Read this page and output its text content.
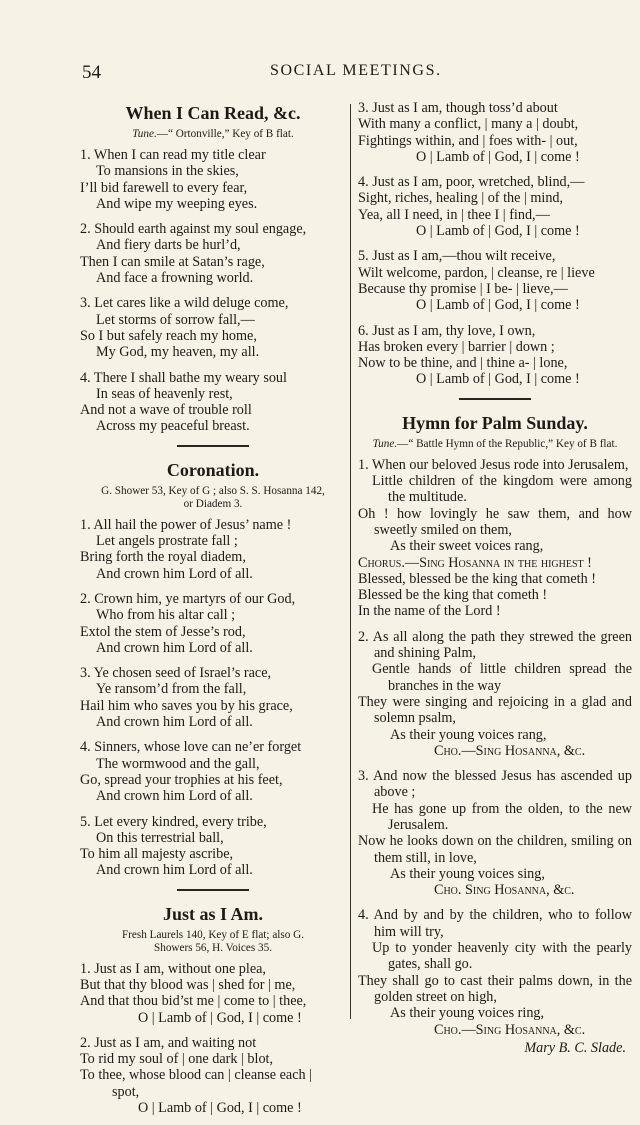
54	SOCIAL MEETINGS.
When I Can Read, &c.
Tune.—“ Ortonville,” Key of B flat.
1. When I can read my title clear
To mansions in the skies,
I’ll bid farewell to every fear,
And wipe my weeping eyes.
2. Should earth against my soul engage,
And fiery darts be hurl’d,
Then I can smile at Satan’s rage,
And face a frowning world.
3. Let cares like a wild deluge come,
Let storms of sorrow fall,—
So I but safely reach my home,
My God, my heaven, my all.
4. There I shall bathe my weary soul
In seas of heavenly rest,
And not a wave of trouble roll
Across my peaceful breast.
Coronation.
G. Shower 53, Key of G ; also S. S. Hosanna 142,
or Diadem 3.
1. All hail the power of Jesus’ name !
Let angels prostrate fall ;
Bring forth the royal diadem,
And crown him Lord of all.
2. Crown him, ye martyrs of our God,
Who from his altar call ;
Extol the stem of Jesse’s rod,
And crown him Lord of all.
3. Ye chosen seed of Israel’s race,
Ye ransom’d from the fall,
Hail him who saves you by his grace,
And crown him Lord of all.
4. Sinners, whose love can ne’er forget
The wormwood and the gall,
Go, spread your trophies at his feet,
And crown him Lord of all.
5. Let every kindred, every tribe,
On this terrestrial ball,
To him all majesty ascribe,
And crown him Lord of all.
Just as I Am.
Fresh Laurels 140, Key of E flat; also G.
Showers 56, H. Voices 35.
1. Just as I am, without one plea,
But that thy blood was | shed for | me,
And that thou bid’st me | come to | thee,
O | Lamb of | God, I | come !
2. Just as I am, and waiting not
To rid my soul of | one dark | blot,
To thee, whose blood can | cleanse each |
spot,
O | Lamb of | God, I | come !
3. Just as I am, though toss’d about
With many a conflict, | many a | doubt,
Fightings within, and | foes with- | out,
O | Lamb of | God, I | come !
4. Just as I am, poor, wretched, blind,—
Sight, riches, healing | of the | mind,
Yea, all I need, in | thee I | find,—
O | Lamb of | God, I | come !
5. Just as I am,—thou wilt receive,
Wilt welcome, pardon, | cleanse, re | lieve
Because thy promise | I be- | lieve,—
O | Lamb of | God, I | come !
6. Just as I am, thy love, I own,
Has broken every | barrier | down ;
Now to be thine, and | thine a- | lone,
O | Lamb of | God, I | come !
Hymn for Palm Sunday.
Tune.—“ Battle Hymn of the Republic,” Key of B flat.
1. When our beloved Jesus rode into Jerusalem,
Little children of the kingdom were among the multitude.
Oh ! how lovingly he saw them, and how sweetly smiled on them,
As their sweet voices rang,
Chorus.—Sing Hosanna in the highest !
Blessed, blessed be the king that cometh !
Blessed be the king that cometh !
In the name of the Lord !
2. As all along the path they strewed the green and shining Palm,
Gentle hands of little children spread the branches in the way
They were singing and rejoicing in a glad and solemn psalm,
As their young voices rang,
Cho.—Sing Hosanna, &c.
3. And now the blessed Jesus has ascended up above ;
He has gone up from the olden, to the new Jerusalem.
Now he looks down on the children, smiling on them still, in love,
As their young voices sing,
Cho. Sing Hosanna, &c.
4. And by and by the children, who to follow him will try,
Up to yonder heavenly city with the pearly gates, shall go.
They shall go to cast their palms down, in the golden street on high,
As their young voices ring,
Cho.—Sing Hosanna, &c.
Mary B. C. Slade.
